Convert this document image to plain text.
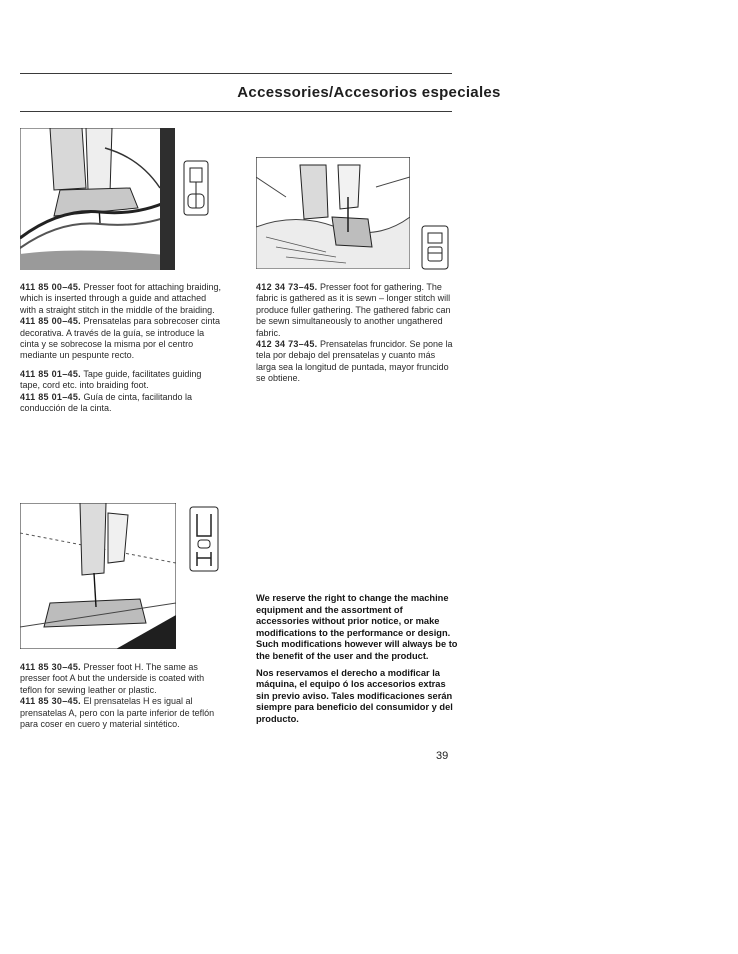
Accessories/Accesorios especiales

411 85 00–45. Presser foot for attaching braiding, which is inserted through a guide and attached with a straight stitch in the middle of the braiding.

411 85 00–45. Prensatelas para sobrecoser cinta decorativa. A través de la guía, se introduce la cinta y se sobrecose la misma por el centro mediante un pespunte recto.

411 85 01–45. Tape guide, facilitates guiding tape, cord etc. into braiding foot.

411 85 01–45. Guía de cinta, facilitando la conducción de la cinta.

412 34 73–45. Presser foot for gathering. The fabric is gathered as it is sewn – longer stitch will produce fuller gathering. The gathered fabric can be sewn simultaneously to another ungathered fabric.

412 34 73–45. Prensatelas fruncidor. Se pone la tela por debajo del prensatelas y cuanto más larga sea la longitud de puntada, mayor fruncido se obtiene.

411 85 30–45. Presser foot H. The same as presser foot A but the underside is coated with teflon for sewing leather or plastic.

411 85 30–45. El prensatelas H es igual al prensatelas A, pero con la parte inferior de teflón para coser en cuero y material sintético.

We reserve the right to change the machine equipment and the assortment of accessories without prior notice, or make modifications to the performance or design.

Such modifications however will always be to the benefit of the user and the product.

Nos reservamos el derecho a modificar la máquina, el equipo ó los accesorios extras sin previo aviso. Tales modificaciones serán siempre para beneficio del consumidor y del producto.

39
